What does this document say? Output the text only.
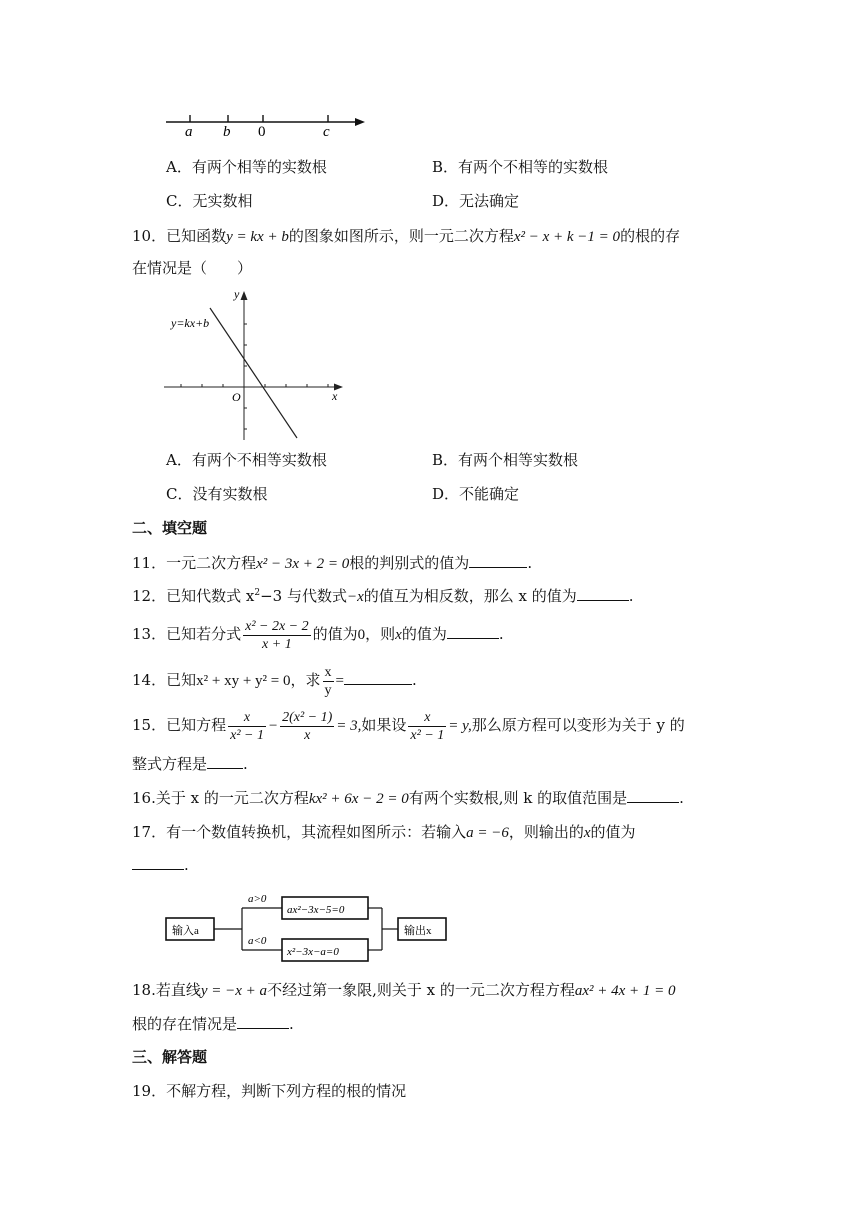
a b 0	c
A．有两个相等的实数根	B．有两个不相等的实数根
C．无实数相	D．无法确定
10．已知函数y = kx + b的图象如图所示，则一元二次方程x² − x + k −1 = 0的根的存
在情况是（　　）
y
x
O
y=kx+b
A．有两个不相等实数根	B．有两个相等实数根
C．没有实数根	D．不能确定
二、填空题
11．一元二次方程x² − 3x + 2 = 0根的判别式的值为	.
12．已知代数式 $x^2-3$ 与代数式−x的值互为相反数，那么 x 的值为	.
13．已知若分式 $\frac{\text{x² − 2x − 2}}{x + 1}$ 的值为0，则x的值为	.
14．已知x² + xy + y² = 0，求 $\frac{x}{y}$ =	.
15．已知方程 $\frac{x}{\text{x² − 1}} - \frac{\text{2(x² − 1)}}{x} = 3$,如果设 $\frac{x}{\text{x² − 1}} = y$,那么原方程可以变形为关于 y 的
整式方程是 .
16.关于 x 的一元二次方程kx² + 6x − 2 = 0有两个实数根,则 k 的取值范围是	.
17．有一个数值转换机，其流程如图所示：若输入a = −6，则输出的x的值为
.
输入a
a>0
a<0
ax²−3x−5=0
x²−3x−a=0
输出x
18.若直线y = −x + a不经过第一象限,则关于 x 的一元二次方程方程ax² + 4x + 1 = 0
根的存在情况是	.
三、解答题
19．不解方程，判断下列方程的根的情况
